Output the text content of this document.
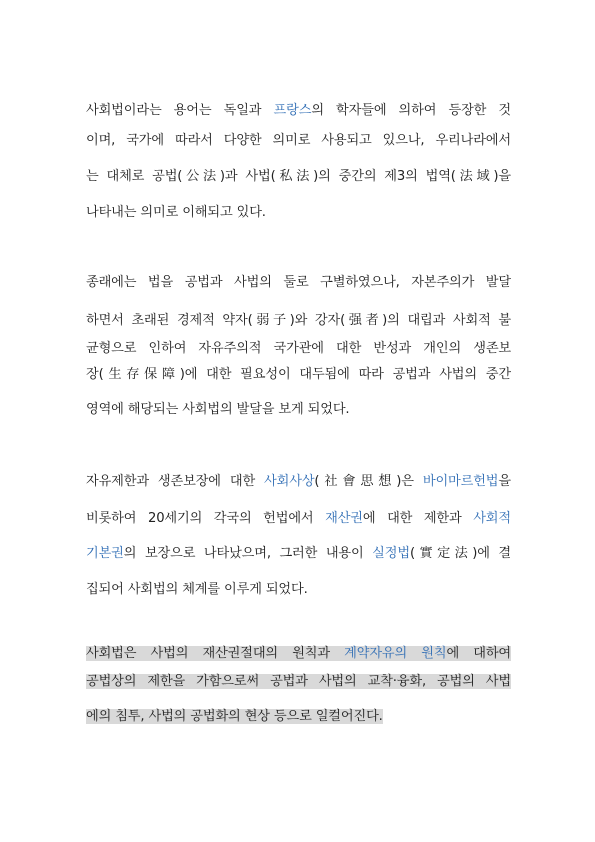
사회법이라는 용어는 독일과 프랑스의 학자들에 의하여 등장한 것
이며, 국가에 따라서 다양한 의미로 사용되고 있으나, 우리나라에서
는 대체로 공법(公法)과 사법(私法)의 중간의 제3의 법역(法域)을
나타내는 의미로 이해되고 있다.
종래에는 법을 공법과 사법의 둘로 구별하였으나, 자본주의가 발달
하면서 초래된 경제적 약자(弱子)와 강자(强者)의 대립과 사회적 불
균형으로 인하여 자유주의적 국가관에 대한 반성과 개인의 생존보
장(生存保障)에 대한 필요성이 대두됨에 따라 공법과 사법의 중간
영역에 해당되는 사회법의 발달을 보게 되었다.
자유제한과 생존보장에 대한 사회사상(社會思想)은 바이마르헌법을
비롯하여 20세기의 각국의 헌법에서 재산권에 대한 제한과 사회적
기본권의 보장으로 나타났으며, 그러한 내용이 실정법(實定法)에 결
집되어 사회법의 체계를 이루게 되었다.
사회법은 사법의 재산권절대의 원칙과 계약자유의 원칙에 대하여
공법상의 제한을 가함으로써 공법과 사법의 교착·융화, 공법의 사법
에의 침투, 사법의 공법화의 현상 등으로 일컬어진다.
